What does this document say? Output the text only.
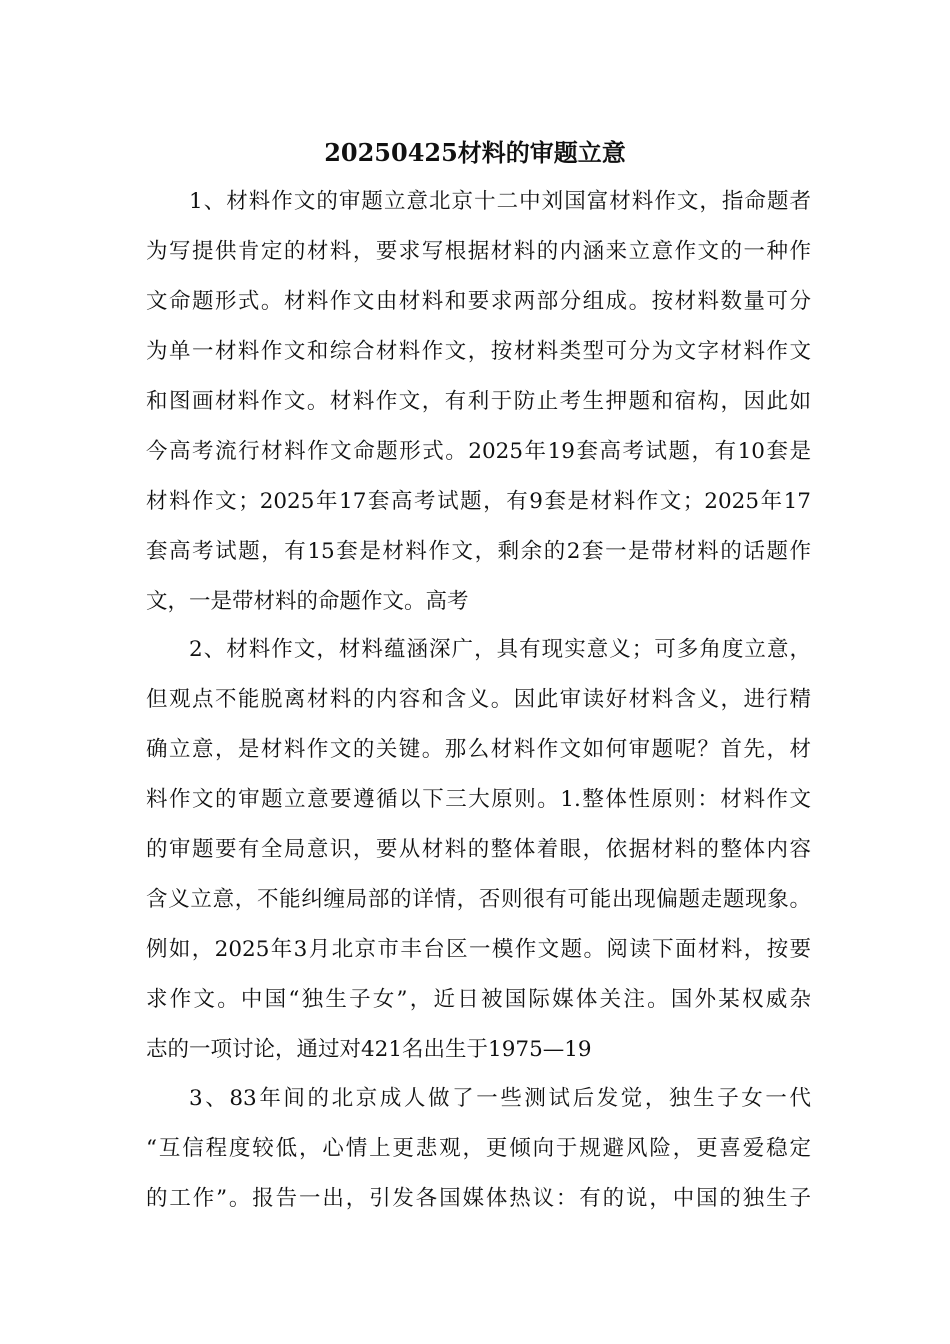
20250425材料的审题立意
1、材料作文的审题立意北京十二中刘国富材料作文，指命题者
为写提供肯定的材料，要求写根据材料的内涵来立意作文的一种作
文命题形式。材料作文由材料和要求两部分组成。按材料数量可分
为单一材料作文和综合材料作文，按材料类型可分为文字材料作文
和图画材料作文。材料作文，有利于防止考生押题和宿构，因此如
今高考流行材料作文命题形式。2025年19套高考试题，有10套是
材料作文；2025年17套高考试题，有9套是材料作文；2025年17
套高考试题，有15套是材料作文，剩余的2套一是带材料的话题作
文，一是带材料的命题作文。高考
2、材料作文，材料蕴涵深广，具有现实意义；可多角度立意，
但观点不能脱离材料的内容和含义。因此审读好材料含义，进行精
确立意，是材料作文的关键。那么材料作文如何审题呢？首先，材
料作文的审题立意要遵循以下三大原则。1.整体性原则：材料作文
的审题要有全局意识，要从材料的整体着眼，依据材料的整体内容
含义立意，不能纠缠局部的详情，否则很有可能出现偏题走题现象。
例如，2025年3月北京市丰台区一模作文题。阅读下面材料，按要
求作文。中国“独生子女”，近日被国际媒体关注。国外某权威杂
志的一项讨论，通过对421名出生于1975—19
3、83年间的北京成人做了一些测试后发觉，独生子女一代
“互信程度较低，心情上更悲观，更倾向于规避风险，更喜爱稳定
的工作”。报告一出，引发各国媒体热议：有的说，中国的独生子
